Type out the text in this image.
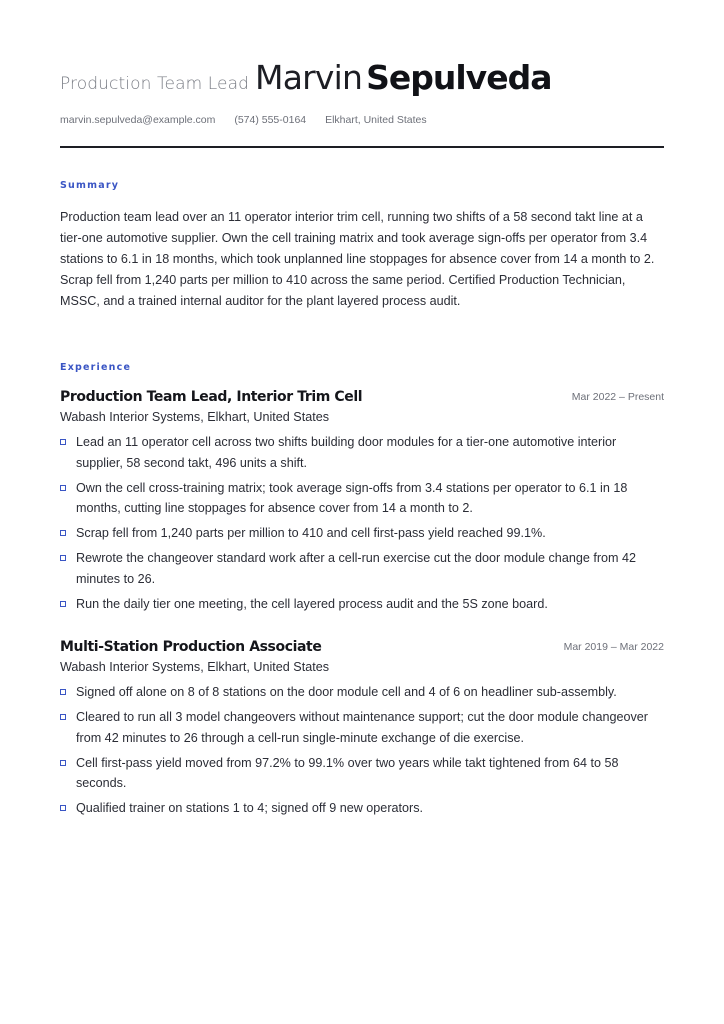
Production Team Lead Marvin Sepulveda
marvin.sepulveda@example.com (574) 555-0164 Elkhart, United States
Summary
Production team lead over an 11 operator interior trim cell, running two shifts of a 58 second takt line at a tier-one automotive supplier. Own the cell training matrix and took average sign-offs per operator from 3.4 stations to 6.1 in 18 months, which took unplanned line stoppages for absence cover from 14 a month to 2. Scrap fell from 1,240 parts per million to 410 across the same period. Certified Production Technician, MSSC, and a trained internal auditor for the plant layered process audit.
Experience
Production Team Lead, Interior Trim Cell	Mar 2022 – Present
Wabash Interior Systems, Elkhart, United States
Lead an 11 operator cell across two shifts building door modules for a tier-one automotive interior supplier, 58 second takt, 496 units a shift.
Own the cell cross-training matrix; took average sign-offs from 3.4 stations per operator to 6.1 in 18 months, cutting line stoppages for absence cover from 14 a month to 2.
Scrap fell from 1,240 parts per million to 410 and cell first-pass yield reached 99.1%.
Rewrote the changeover standard work after a cell-run exercise cut the door module change from 42 minutes to 26.
Run the daily tier one meeting, the cell layered process audit and the 5S zone board.
Multi-Station Production Associate	Mar 2019 – Mar 2022
Wabash Interior Systems, Elkhart, United States
Signed off alone on 8 of 8 stations on the door module cell and 4 of 6 on headliner sub-assembly.
Cleared to run all 3 model changeovers without maintenance support; cut the door module changeover from 42 minutes to 26 through a cell-run single-minute exchange of die exercise.
Cell first-pass yield moved from 97.2% to 99.1% over two years while takt tightened from 64 to 58 seconds.
Qualified trainer on stations 1 to 4; signed off 9 new operators.
